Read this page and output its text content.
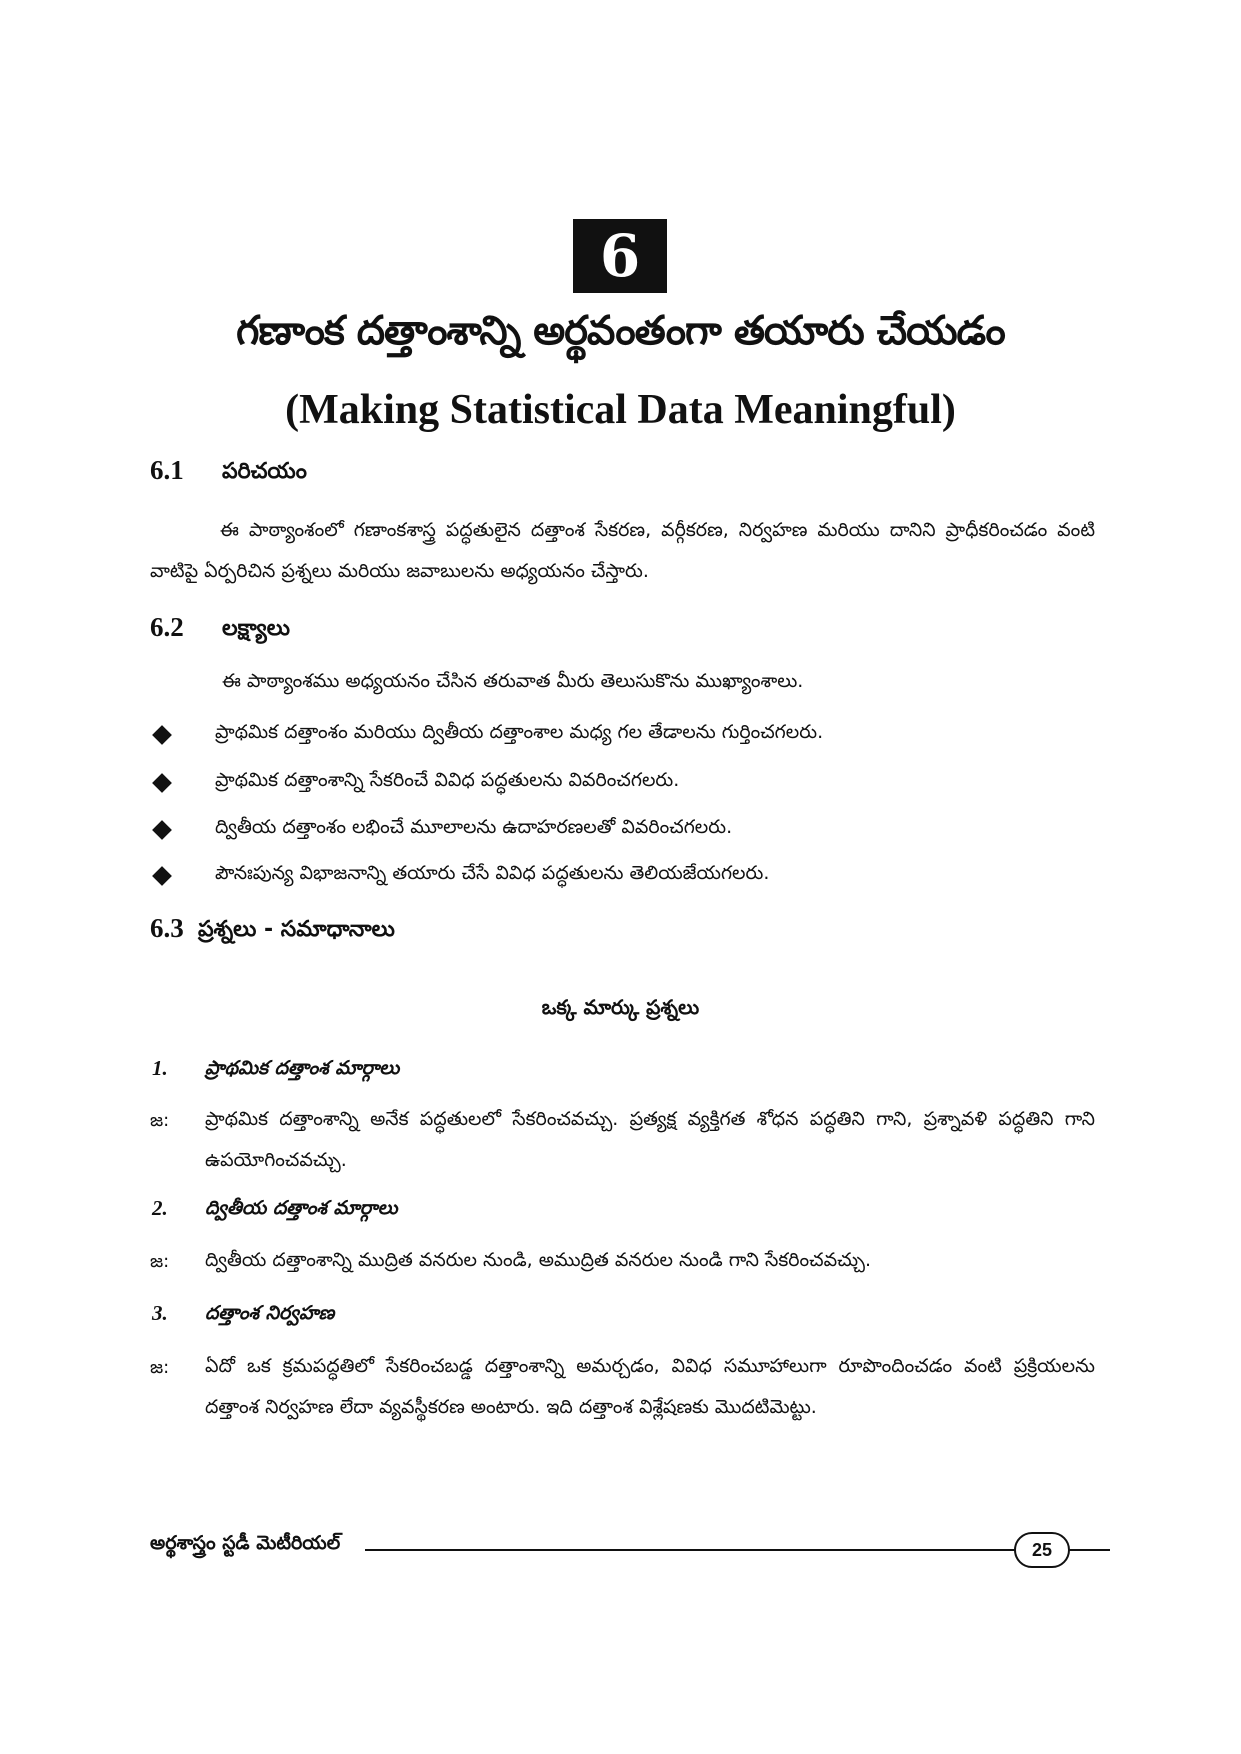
6
గణాంక దత్తాంశాన్ని అర్థవంతంగా తయారు చేయడం
(Making Statistical Data Meaningful)
6.1 పరిచయం
ఈ పాఠ్యాంశంలో గణాంకశాస్త్ర పద్ధతులైన దత్తాంశ సేకరణ, వర్గీకరణ, నిర్వహణ మరియు దానిని ప్రాధీకరించడం వంటి వాటిపై ఏర్పరిచిన ప్రశ్నలు మరియు జవాబులను అధ్యయనం చేస్తారు.
6.2 లక్ష్యాలు
ఈ పాఠ్యాంశము అధ్యయనం చేసిన తరువాత మీరు తెలుసుకొను ముఖ్యాంశాలు.
ప్రాథమిక దత్తాంశం మరియు ద్వితీయ దత్తాంశాల మధ్య గల తేడాలను గుర్తించగలరు.
ప్రాథమిక దత్తాంశాన్ని సేకరించే వివిధ పద్ధతులను వివరించగలరు.
ద్వితీయ దత్తాంశం లభించే మూలాలను ఉదాహరణలతో వివరించగలరు.
పౌనఃపున్య విభాజనాన్ని తయారు చేసే వివిధ పద్ధతులను తెలియజేయగలరు.
6.3 ప్రశ్నలు - సమాధానాలు
ఒక్క మార్కు ప్రశ్నలు
1. ప్రాథమిక దత్తాంశ మార్గాలు
జ: ప్రాథమిక దత్తాంశాన్ని అనేక పద్ధతులలో సేకరించవచ్చు. ప్రత్యక్ష వ్యక్తిగత శోధన పద్ధతిని గాని, ప్రశ్నావళి పద్ధతిని గాని ఉపయోగించవచ్చు.
2. ద్వితీయ దత్తాంశ మార్గాలు
జ: ద్వితీయ దత్తాంశాన్ని ముద్రిత వనరుల నుండి, అముద్రిత వనరుల నుండి గాని సేకరించవచ్చు.
3. దత్తాంశ నిర్వహణ
జ: ఏదో ఒక క్రమపద్ధతిలో సేకరించబడ్డ దత్తాంశాన్ని అమర్చడం, వివిధ సమూహాలుగా రూపొందించడం వంటి ప్రక్రియలను దత్తాంశ నిర్వహణ లేదా వ్యవస్థీకరణ అంటారు. ఇది దత్తాంశ విశ్లేషణకు మొదటిమెట్టు.
అర్థశాస్త్రం స్టడీ మెటీరియల్	25
